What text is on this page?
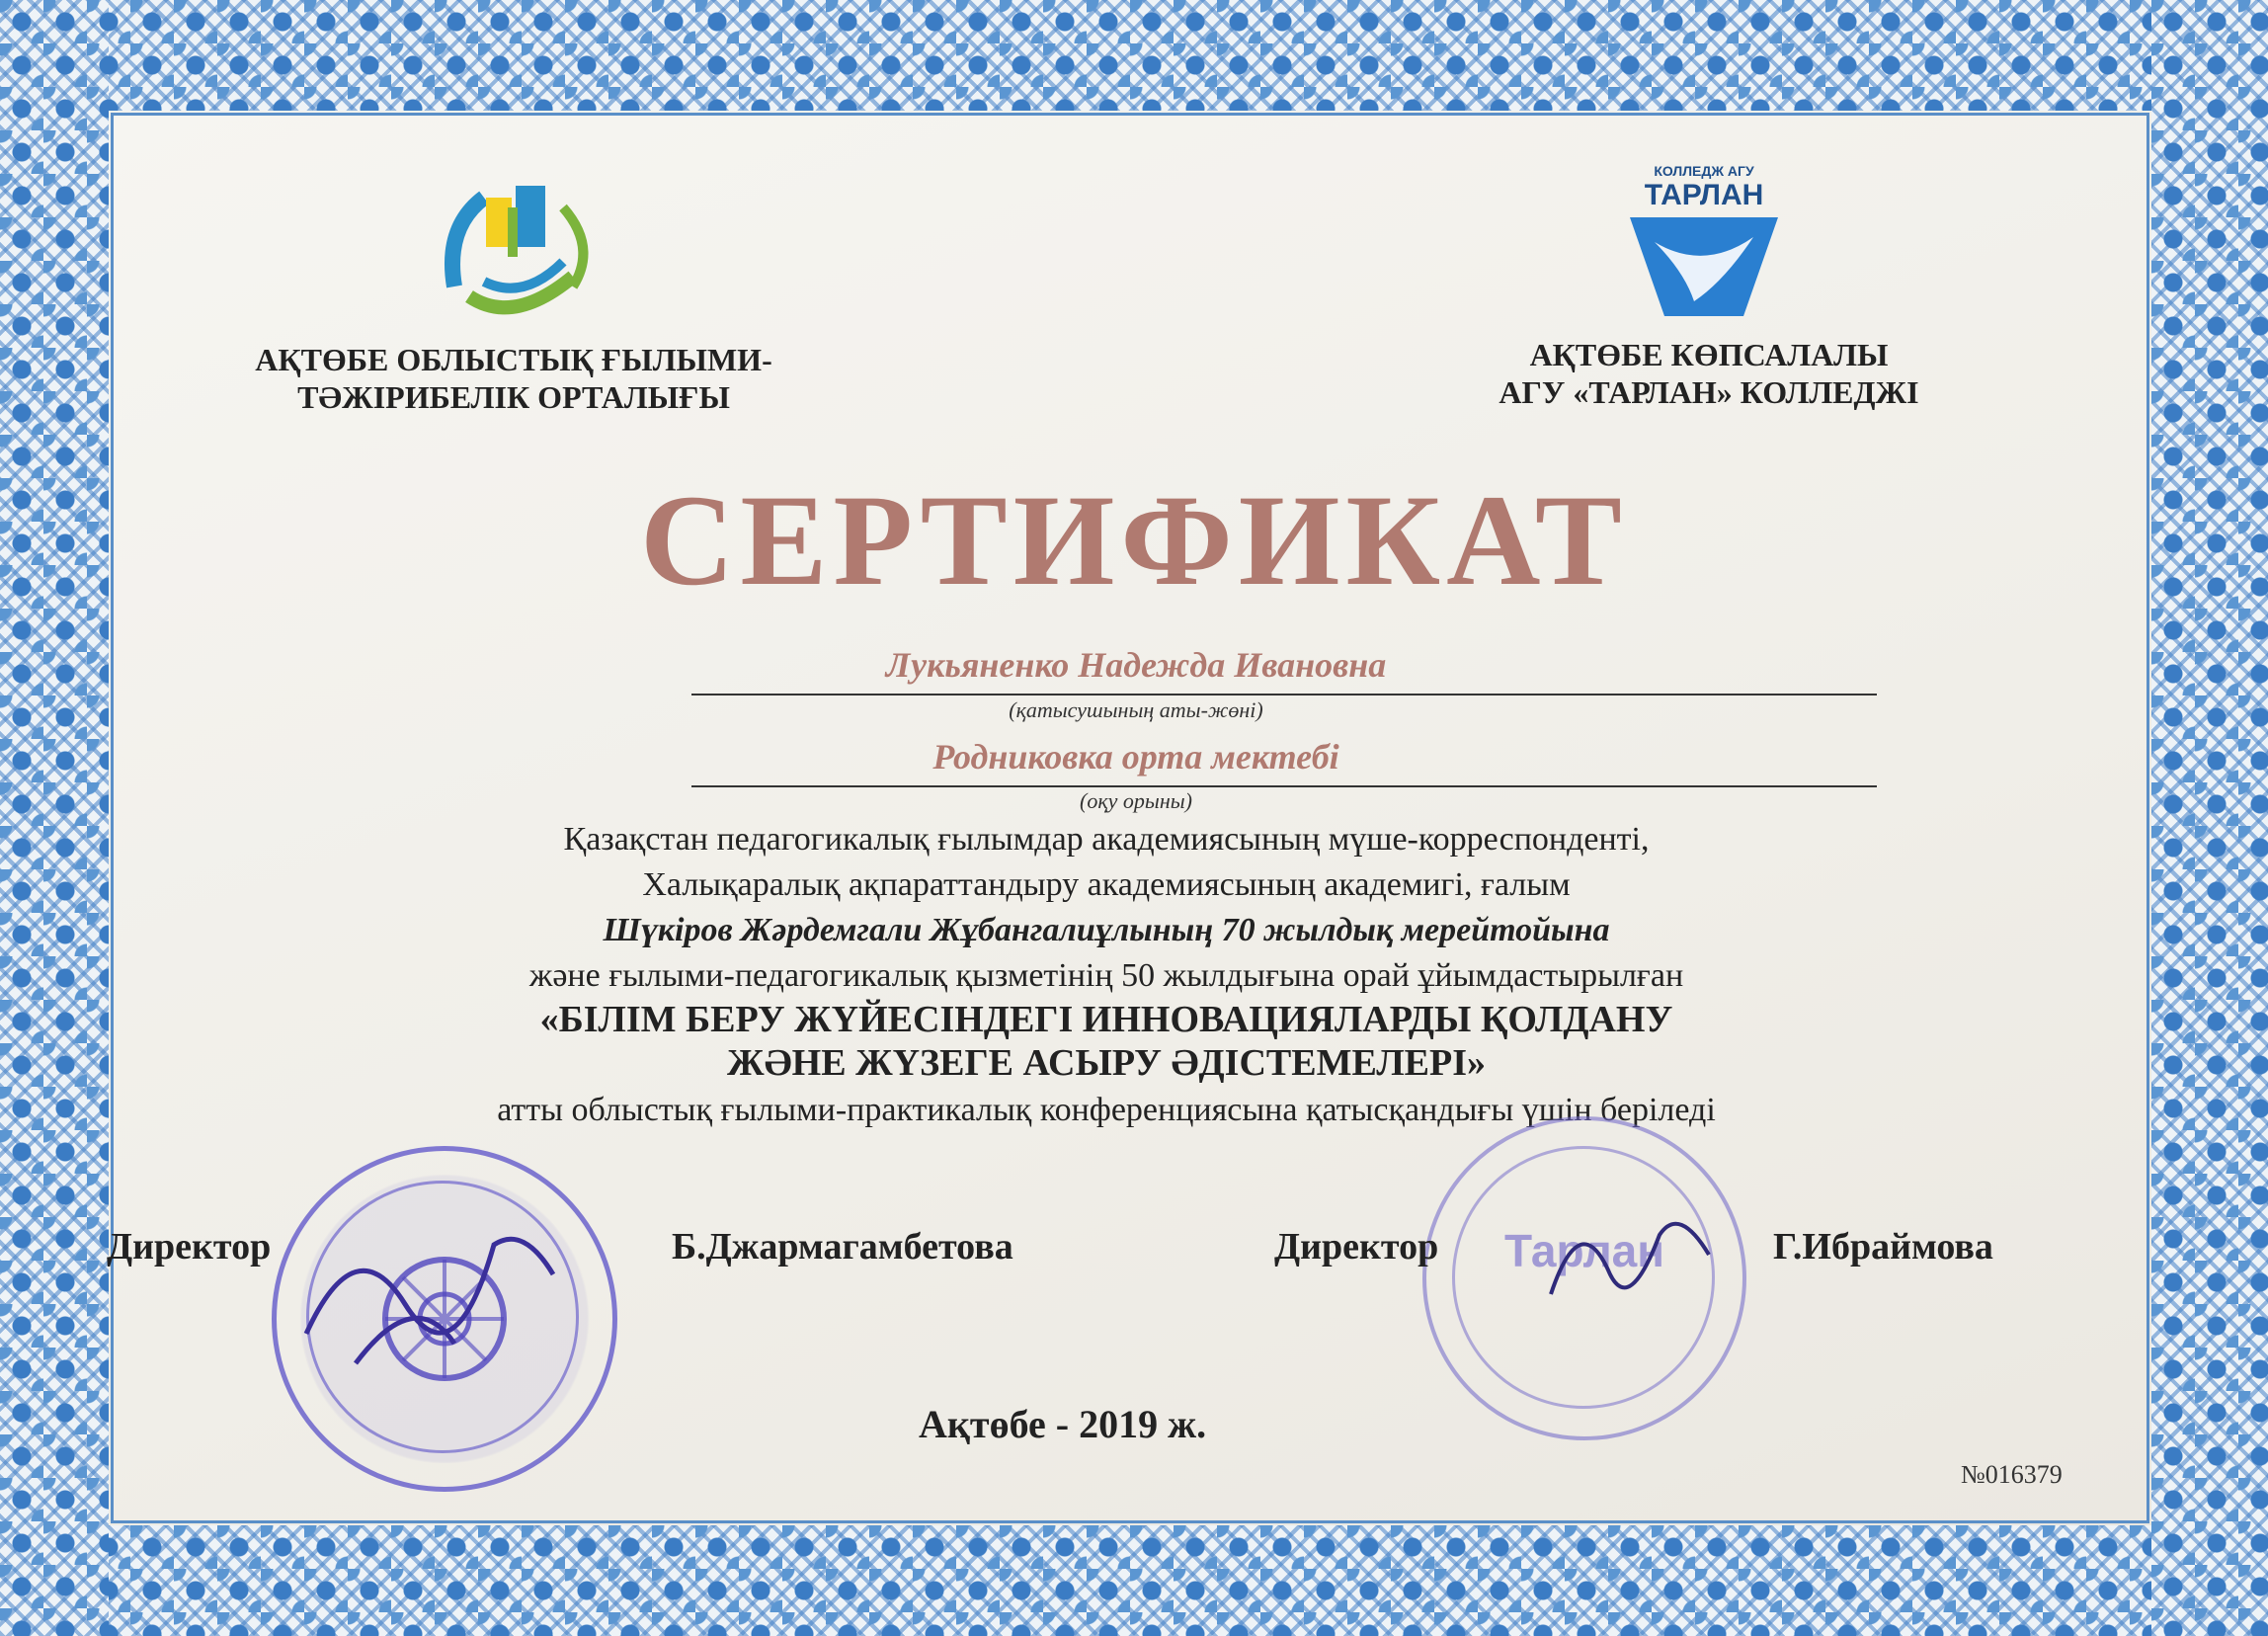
АҚТӨБЕ ОБЛЫСТЫҚ ҒЫЛЫМИ-
ТӘЖІРИБЕЛІК ОРТАЛЫҒЫ
КОЛЛЕДЖ АГУ
ТАРЛАН
АҚТӨБЕ КӨПСАЛАЛЫ
АГУ «ТАРЛАН» КОЛЛЕДЖІ
СЕРТИФИКАТ
Лукьяненко Надежда Ивановна
(қатысушының аты-жөні)
Родниковка орта мектебі
(оқу орыны)
Қазақстан педагогикалық ғылымдар академиясының мүше-корреспонденті,
Халықаралық ақпараттандыру академиясының академигі, ғалым
Шүкіров Жәрдемгали Жұбангалиұлының 70 жылдық мерейтойына
және ғылыми-педагогикалық қызметінің 50 жылдығына орай ұйымдастырылған
«БІЛІМ БЕРУ ЖҮЙЕСІНДЕГІ ИННОВАЦИЯЛАРДЫ ҚОЛДАНУ
ЖӘНЕ ЖҮЗЕГЕ АСЫРУ ӘДІСТЕМЕЛЕРІ»
атты облыстық ғылыми-практикалық конференциясына қатысқандығы үшін беріледі
Тарлан
Директор	Б.Джармагамбетова	Директор	Г.Ибраймова
Ақтөбе - 2019 ж.
№016379
